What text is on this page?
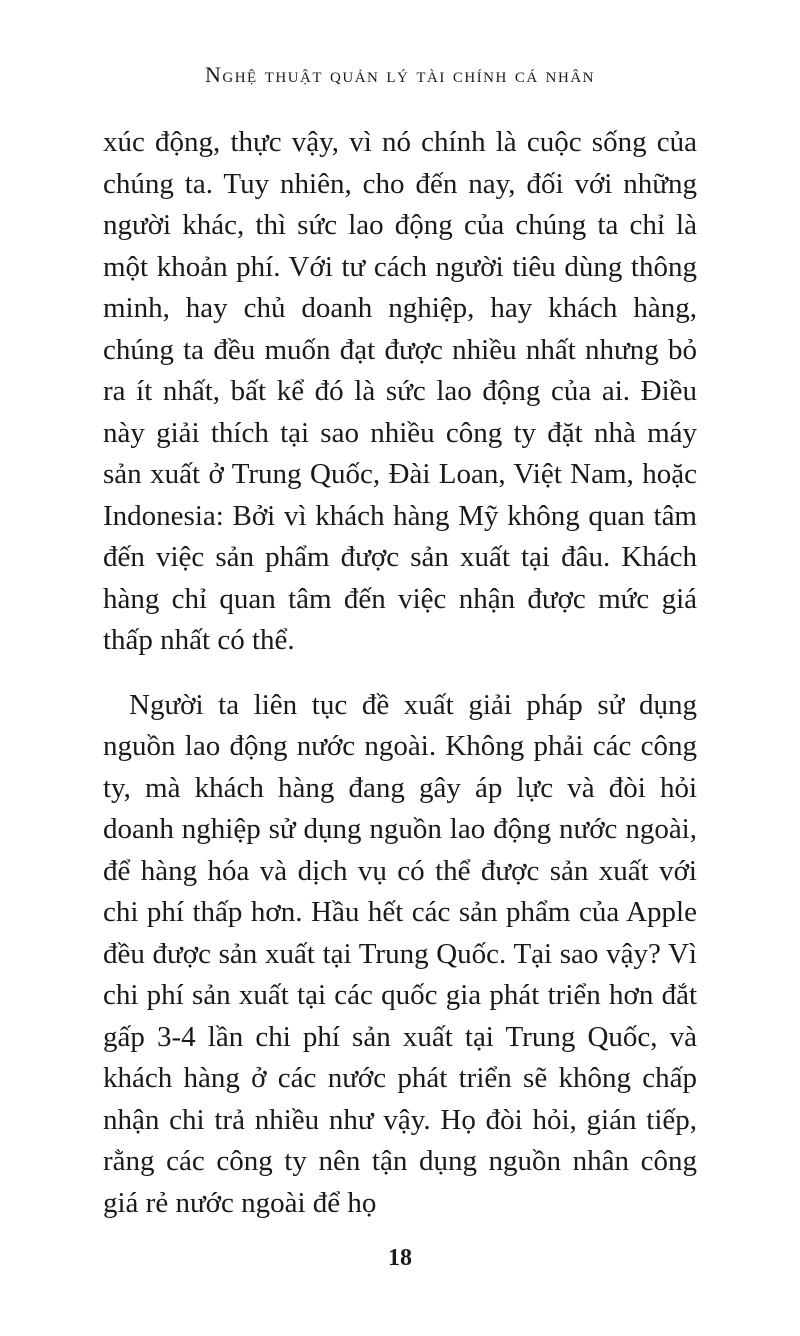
Nghệ thuật quản lý tài chính cá nhân

xúc động, thực vậy, vì nó chính là cuộc sống của chúng ta. Tuy nhiên, cho đến nay, đối với những người khác, thì sức lao động của chúng ta chỉ là một khoản phí. Với tư cách người tiêu dùng thông minh, hay chủ doanh nghiệp, hay khách hàng, chúng ta đều muốn đạt được nhiều nhất nhưng bỏ ra ít nhất, bất kể đó là sức lao động của ai. Điều này giải thích tại sao nhiều công ty đặt nhà máy sản xuất ở Trung Quốc, Đài Loan, Việt Nam, hoặc Indonesia: Bởi vì khách hàng Mỹ không quan tâm đến việc sản phẩm được sản xuất tại đâu. Khách hàng chỉ quan tâm đến việc nhận được mức giá thấp nhất có thể.

Người ta liên tục đề xuất giải pháp sử dụng nguồn lao động nước ngoài. Không phải các công ty, mà khách hàng đang gây áp lực và đòi hỏi doanh nghiệp sử dụng nguồn lao động nước ngoài, để hàng hóa và dịch vụ có thể được sản xuất với chi phí thấp hơn. Hầu hết các sản phẩm của Apple đều được sản xuất tại Trung Quốc. Tại sao vậy? Vì chi phí sản xuất tại các quốc gia phát triển hơn đắt gấp 3-4 lần chi phí sản xuất tại Trung Quốc, và khách hàng ở các nước phát triển sẽ không chấp nhận chi trả nhiều như vậy. Họ đòi hỏi, gián tiếp, rằng các công ty nên tận dụng nguồn nhân công giá rẻ nước ngoài để họ

18
